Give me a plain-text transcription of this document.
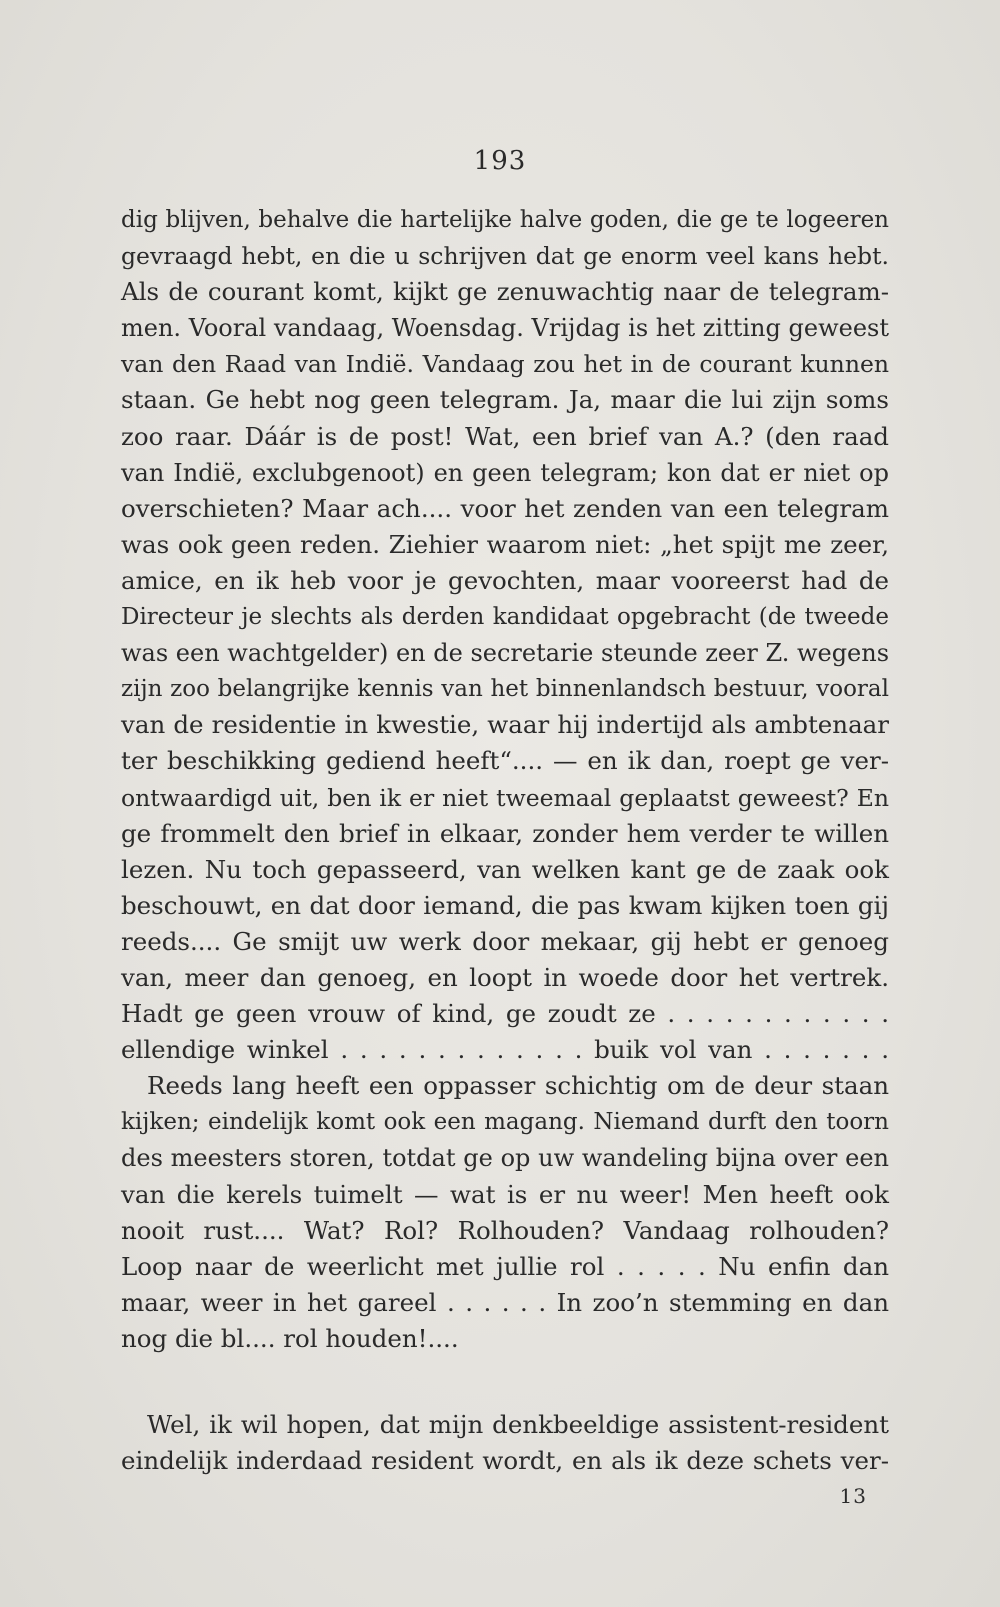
193
dig blijven, behalve die hartelijke halve goden, die ge te logeeren
gevraagd hebt, en die u schrijven dat ge enorm veel kans hebt.
Als de courant komt, kijkt ge zenuwachtig naar de telegram-
men. Vooral vandaag, Woensdag. Vrijdag is het zitting geweest
van den Raad van Indië. Vandaag zou het in de courant kunnen
staan. Ge hebt nog geen telegram. Ja, maar die lui zijn soms
zoo raar. Dáár is de post! Wat, een brief van A.? (den raad
van Indië, exclubgenoot) en geen telegram; kon dat er niet op
overschieten? Maar ach.... voor het zenden van een telegram
was ook geen reden. Ziehier waarom niet: „het spijt me zeer,
amice, en ik heb voor je gevochten, maar vooreerst had de
Directeur je slechts als derden kandidaat opgebracht (de tweede
was een wachtgelder) en de secretarie steunde zeer Z. wegens
zijn zoo belangrijke kennis van het binnenlandsch bestuur, vooral
van de residentie in kwestie, waar hij indertijd als ambtenaar
ter beschikking gediend heeft“.... — en ik dan, roept ge ver-
ontwaardigd uit, ben ik er niet tweemaal geplaatst geweest? En
ge frommelt den brief in elkaar, zonder hem verder te willen
lezen. Nu toch gepasseerd, van welken kant ge de zaak ook
beschouwt, en dat door iemand, die pas kwam kijken toen gij
reeds.... Ge smijt uw werk door mekaar, gij hebt er genoeg
van, meer dan genoeg, en loopt in woede door het vertrek.
Hadt ge geen vrouw of kind, ge zoudt ze . . . . . . . . . . . .
ellendige winkel . . . . . . . . . . . . . buik vol van . . . . . . .
Reeds lang heeft een oppasser schichtig om de deur staan
kijken; eindelijk komt ook een magang. Niemand durft den toorn
des meesters storen, totdat ge op uw wandeling bijna over een
van die kerels tuimelt — wat is er nu weer! Men heeft ook
nooit rust.... Wat? Rol? Rolhouden? Vandaag rolhouden?
Loop naar de weerlicht met jullie rol . . . . . Nu enfin dan
maar, weer in het gareel . . . . . . In zoo’n stemming en dan
nog die bl.... rol houden!....
Wel, ik wil hopen, dat mijn denkbeeldige assistent-resident
eindelijk inderdaad resident wordt, en als ik deze schets ver-
13
